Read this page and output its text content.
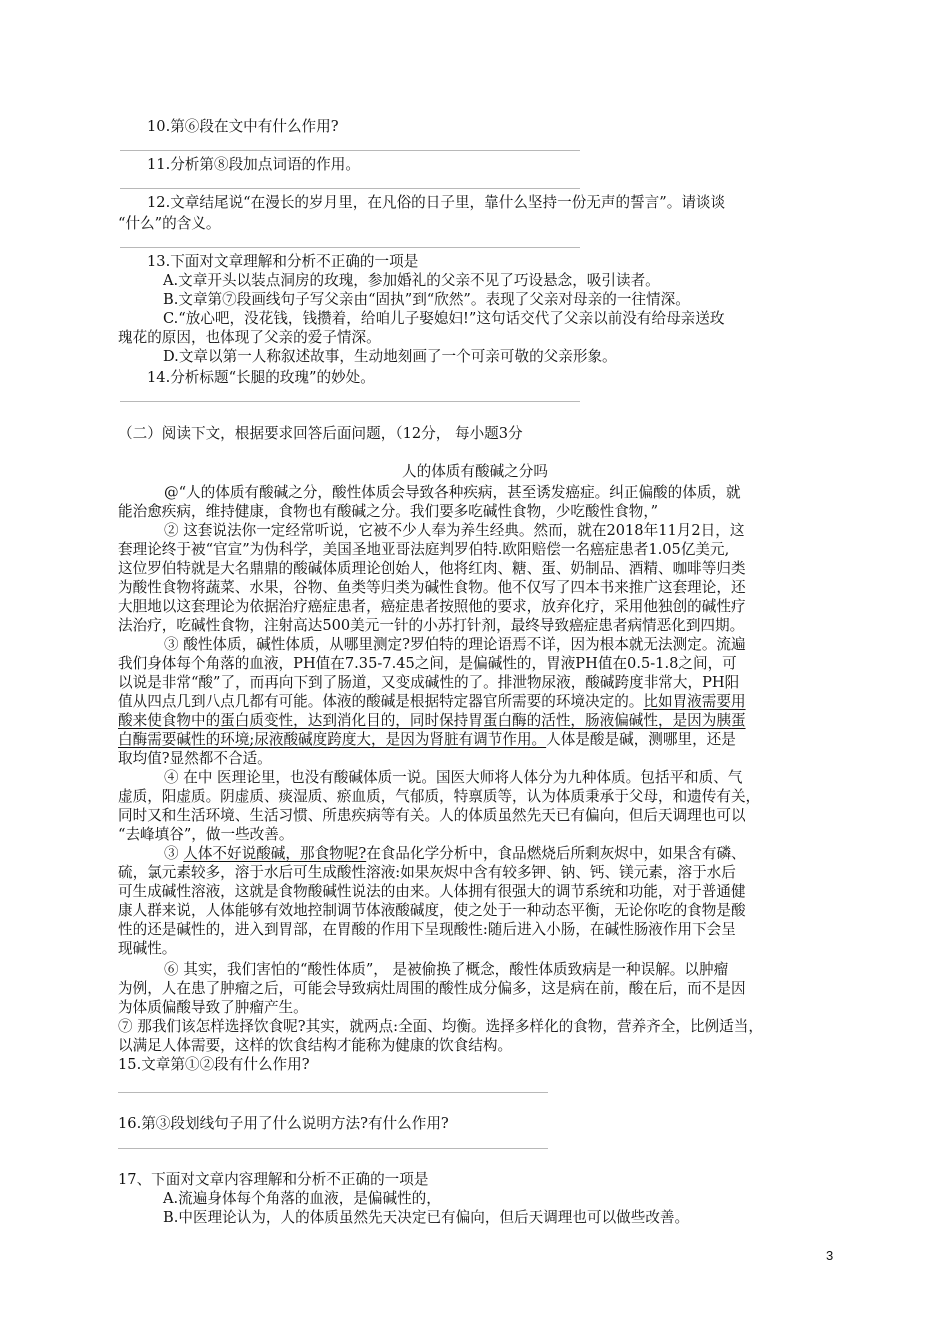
10.第⑥段在文中有什么作用?
11.分析第⑧段加点词语的作用。
12.文章结尾说“在漫长的岁月里，在凡俗的日子里，靠什么坚持一份无声的誓言”。请谈谈
“什么”的含义。
13.下面对文章理解和分析不正确的一项是
A.文章开头以装点洞房的玫瑰，参加婚礼的父亲不见了巧设悬念，吸引读者。
B.文章第⑦段画线句子写父亲由“固执”到“欣然”。表现了父亲对母亲的一往情深。
C.“放心吧，没花钱，钱攒着，给咱儿子娶媳妇!”这句话交代了父亲以前没有给母亲送玫
瑰花的原因，也体现了父亲的爱子情深。
D.文章以第一人称叙述故事，生动地刻画了一个可亲可敬的父亲形象。
14.分析标题“长腿的玫瑰”的妙处。
（二）阅读下文，根据要求回答后面问题，（12分， 每小题3分
人的体质有酸碱之分吗
@“人的体质有酸碱之分，酸性体质会导致各种疾病，甚至诱发癌症。纠正偏酸的体质，就
能治愈疾病，维持健康，食物也有酸碱之分。我们要多吃碱性食物，少吃酸性食物，”
② 这套说法你一定经常听说，它被不少人奉为养生经典。然而，就在2018年11月2日，这
套理论终于被“官宣”为伪科学，美国圣地亚哥法庭判罗伯特.欧阳赔偿一名癌症患者1.05亿美元,
这位罗伯特就是大名鼎鼎的酸碱体质理论创始人，他将红肉、糖、蛋、奶制品、酒精、咖啡等归类
为酸性食物将蔬菜、水果，谷物、鱼类等归类为碱性食物。他不仅写了四本书来推广这套理论，还
大胆地以这套理论为依据治疗癌症患者，癌症患者按照他的要求，放弃化疗，采用他独创的碱性疗
法治疗，吃碱性食物，注射高达500美元一针的小苏打针剂，最终导致癌症患者病情恶化到四期。
③ 酸性体质，碱性体质，从哪里测定?罗伯特的理论语焉不详，因为根本就无法测定。流遍
我们身体每个角落的血液，PH值在7.35-7.45之间，是偏碱性的，胃液PH值在0.5-1.8之间，可
以说是非常“酸”了，而再向下到了肠道，又变成碱性的了。排泄物尿液，酸碱跨度非常大，PH阳
值从四点几到八点几都有可能。体液的酸碱是根据特定器官所需要的环境决定的。比如胃液需要用
酸来使食物中的蛋白质变性，达到消化目的，同时保持胃蛋白酶的活性，肠液偏碱性，是因为胰蛋
白酶需要碱性的环境;尿液酸碱度跨度大，是因为肾脏有调节作用。人体是酸是碱，测哪里，还是
取均值?显然都不合适。
④ 在中 医理论里，也没有酸碱体质一说。国医大师将人体分为九种体质。包括平和质、气
虚质，阳虚质。阴虚质、痰湿质、瘀血质，气郁质，特禀质等，认为体质秉承于父母，和遗传有关，
同时又和生活环境、生活习惯、所患疾病等有关。人的体质虽然先天已有偏向，但后天调理也可以
“去峰填谷”，做一些改善。
③ 人体不好说酸碱，那食物呢?在食品化学分析中，食品燃烧后所剩灰烬中，如果含有磷、
硫，氯元素较多，溶于水后可生成酸性溶液:如果灰烬中含有较多钾、钠、钙、镁元素，溶于水后
可生成碱性溶液，这就是食物酸碱性说法的由来。人体拥有很强大的调节系统和功能，对于普通健
康人群来说，人体能够有效地控制调节体液酸碱度，使之处于一种动态平衡，无论你吃的食物是酸
性的还是碱性的，进入到胃部，在胃酸的作用下呈现酸性:随后进入小肠，在碱性肠液作用下会呈
现碱性。
⑥ 其实，我们害怕的“酸性体质”， 是被偷换了概念，酸性体质致病是一种误解。以肿瘤
为例，人在患了肿瘤之后，可能会导致病灶周围的酸性成分偏多，这是病在前，酸在后，而不是因
为体质偏酸导致了肿瘤产生。
⑦ 那我们该怎样选择饮食呢?其实，就两点:全面、均衡。选择多样化的食物，营养齐全，比例适当，
以满足人体需要，这样的饮食结构才能称为健康的饮食结构。
15.文章第①②段有什么作用?
16.第③段划线句子用了什么说明方法?有什么作用?
17、下面对文章内容理解和分析不正确的一项是
A.流遍身体每个角落的血液，是偏碱性的，
B.中医理论认为，人的体质虽然先天决定已有偏向，但后天调理也可以做些改善。
3
